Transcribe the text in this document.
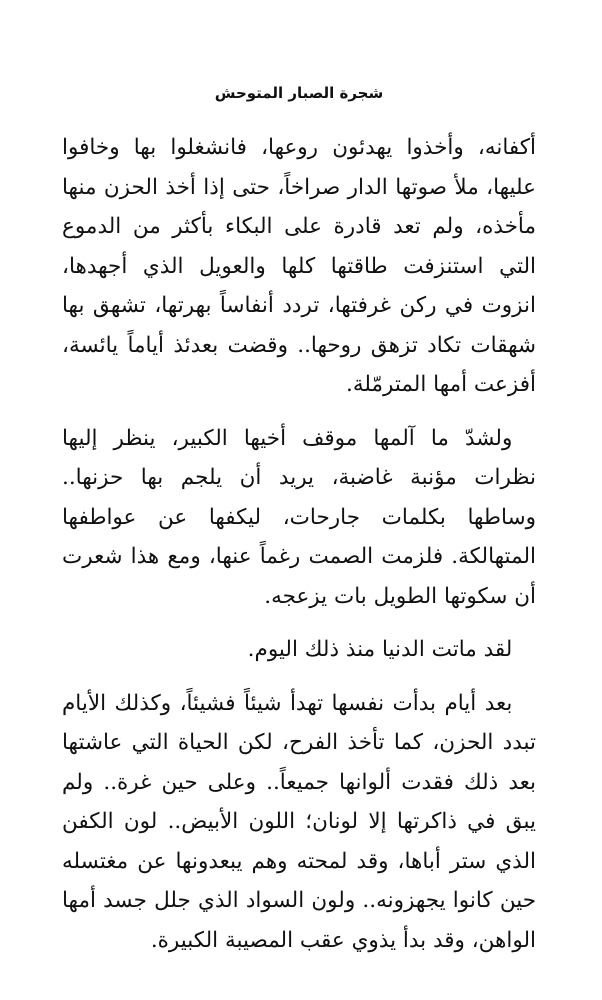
شجرة الصبار المتوحش

أكفانه، وأخذوا يهدئون روعها، فانشغلوا بها وخافوا عليها، ملأ صوتها الدار صراخاً، حتى إذا أخذ الحزن منها مأخذه، ولم تعد قادرة على البكاء بأكثر من الدموع التي استنزفت طاقتها كلها والعويل الذي أجهدها، انزوت في ركن غرفتها، تردد أنفاساً بهرتها، تشهق بها شهقات تكاد تزهق روحها.. وقضت بعدئذ أياماً يائسة، أفزعت أمها المترمّلة.

ولشدّ ما آلمها موقف أخيها الكبير، ينظر إليها نظرات مؤنبة غاضبة، يريد أن يلجم بها حزنها.. وساطها بكلمات جارحات، ليكفها عن عواطفها المتهالكة. فلزمت الصمت رغماً عنها، ومع هذا شعرت أن سكوتها الطويل بات يزعجه.

لقد ماتت الدنيا منذ ذلك اليوم.

بعد أيام بدأت نفسها تهدأ شيئاً فشيئاً، وكذلك الأيام تبدد الحزن، كما تأخذ الفرح، لكن الحياة التي عاشتها بعد ذلك فقدت ألوانها جميعاً.. وعلى حين غرة.. ولم يبق في ذاكرتها إلا لونان؛ اللون الأبيض.. لون الكفن الذي ستر أباها، وقد لمحته وهم يبعدونها عن مغتسله حين كانوا يجهزونه.. ولون السواد الذي جلل جسد أمها الواهن، وقد بدأ يذوي عقب المصيبة الكبيرة.
